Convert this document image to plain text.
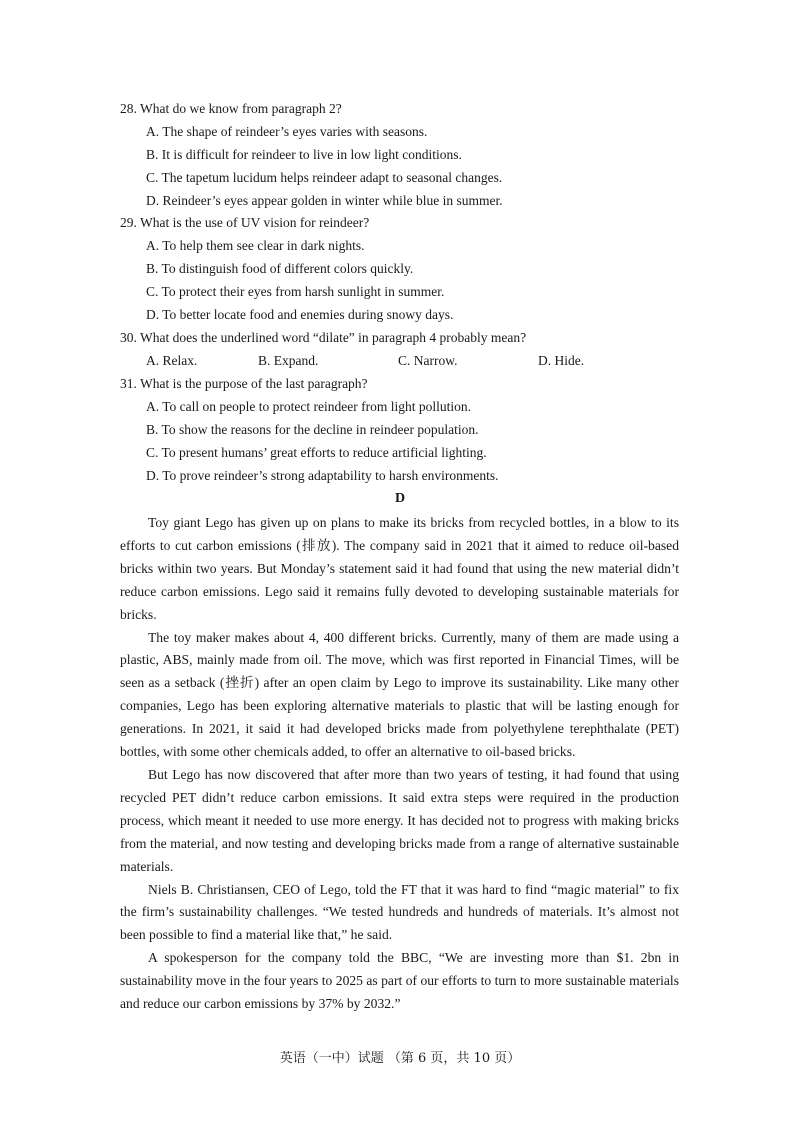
28. What do we know from paragraph 2?
A. The shape of reindeer’s eyes varies with seasons.
B. It is difficult for reindeer to live in low light conditions.
C. The tapetum lucidum helps reindeer adapt to seasonal changes.
D. Reindeer’s eyes appear golden in winter while blue in summer.
29. What is the use of UV vision for reindeer?
A. To help them see clear in dark nights.
B. To distinguish food of different colors quickly.
C. To protect their eyes from harsh sunlight in summer.
D. To better locate food and enemies during snowy days.
30. What does the underlined word “dilate” in paragraph 4 probably mean?
A. Relax.	B. Expand.	C. Narrow.	D. Hide.
31. What is the purpose of the last paragraph?
A. To call on people to protect reindeer from light pollution.
B. To show the reasons for the decline in reindeer population.
C. To present humans’ great efforts to reduce artificial lighting.
D. To prove reindeer’s strong adaptability to harsh environments.
D

Toy giant Lego has given up on plans to make its bricks from recycled bottles, in a blow to its efforts to cut carbon emissions (排放). The company said in 2021 that it aimed to reduce oil-based bricks within two years. But Monday’s statement said it had found that using the new material didn’t reduce carbon emissions. Lego said it remains fully devoted to developing sustainable materials for bricks.

The toy maker makes about 4, 400 different bricks. Currently, many of them are made using a plastic, ABS, mainly made from oil. The move, which was first reported in Financial Times, will be seen as a setback (挫折) after an open claim by Lego to improve its sustainability. Like many other companies, Lego has been exploring alternative materials to plastic that will be lasting enough for generations. In 2021, it said it had developed bricks made from polyethylene terephthalate (PET) bottles, with some other chemicals added, to offer an alternative to oil-based bricks.

But Lego has now discovered that after more than two years of testing, it had found that using recycled PET didn’t reduce carbon emissions. It said extra steps were required in the production process, which meant it needed to use more energy. It has decided not to progress with making bricks from the material, and now testing and developing bricks made from a range of alternative sustainable materials.

Niels B. Christiansen, CEO of Lego, told the FT that it was hard to find “magic material” to fix the firm’s sustainability challenges. “We tested hundreds and hundreds of materials. It’s almost not been possible to find a material like that,” he said.

A spokesperson for the company told the BBC, “We are investing more than $1. 2bn in sustainability move in the four years to 2025 as part of our efforts to turn to more sustainable materials and reduce our carbon emissions by 37% by 2032.”

英语（一中）试题 （第 6 页，共 10 页）
